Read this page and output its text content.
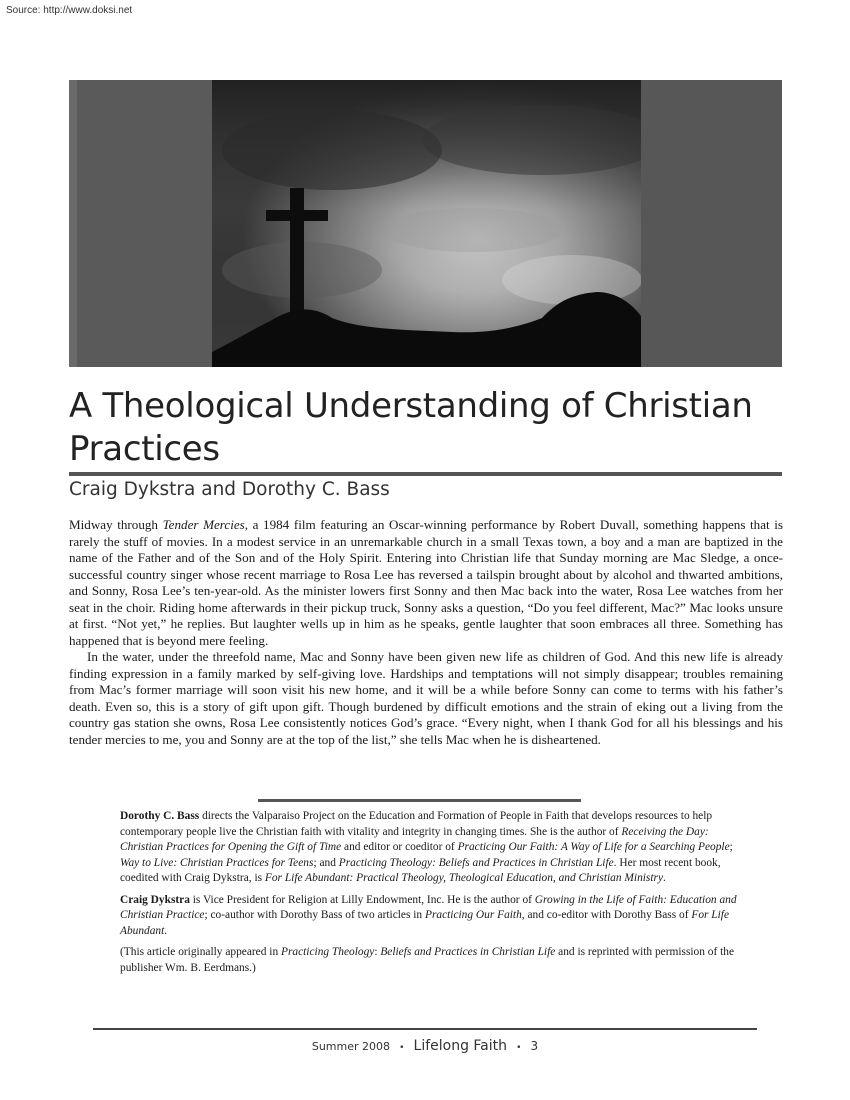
Source: http://www.doksi.net
A Theological Understanding of Christian Practices
Craig Dykstra and Dorothy C. Bass

Midway through Tender Mercies, a 1984 film featuring an Oscar-winning performance by Robert Duvall, something happens that is rarely the stuff of movies. In a modest service in an unremarkable church in a small Texas town, a boy and a man are baptized in the name of the Father and of the Son and of the Holy Spirit. Entering into Christian life that Sunday morning are Mac Sledge, a once-successful country singer whose recent marriage to Rosa Lee has reversed a tailspin brought about by alcohol and thwarted ambitions, and Sonny, Rosa Lee’s ten-year-old. As the minister lowers first Sonny and then Mac back into the water, Rosa Lee watches from her seat in the choir. Riding home afterwards in their pickup truck, Sonny asks a question, “Do you feel different, Mac?” Mac looks unsure at first. “Not yet,” he replies. But laughter wells up in him as he speaks, gentle laughter that soon embraces all three. Something has happened that is beyond mere feeling.

In the water, under the threefold name, Mac and Sonny have been given new life as children of God. And this new life is already finding expression in a family marked by self-giving love. Hardships and temptations will not simply disappear; troubles remaining from Mac’s former marriage will soon visit his new home, and it will be a while before Sonny can come to terms with his father’s death. Even so, this is a story of gift upon gift. Though burdened by difficult emotions and the strain of eking out a living from the country gas station she owns, Rosa Lee consistently notices God’s grace. “Every night, when I thank God for all his blessings and his tender mercies to me, you and Sonny are at the top of the list,” she tells Mac when he is disheartened.

Dorothy C. Bass directs the Valparaiso Project on the Education and Formation of People in Faith that develops resources to help contemporary people live the Christian faith with vitality and integrity in changing times. She is the author of Receiving the Day: Christian Practices for Opening the Gift of Time and editor or coeditor of Practicing Our Faith: A Way of Life for a Searching People; Way to Live: Christian Practices for Teens; and Practicing Theology: Beliefs and Practices in Christian Life. Her most recent book, coedited with Craig Dykstra, is For Life Abundant: Practical Theology, Theological Education, and Christian Ministry.

Craig Dykstra is Vice President for Religion at Lilly Endowment, Inc. He is the author of Growing in the Life of Faith: Education and Christian Practice; co-author with Dorothy Bass of two articles in Practicing Our Faith, and co-editor with Dorothy Bass of For Life Abundant.

(This article originally appeared in Practicing Theology: Beliefs and Practices in Christian Life and is reprinted with permission of the publisher Wm. B. Eerdmans.)

Summer 2008 • Lifelong Faith • 3
